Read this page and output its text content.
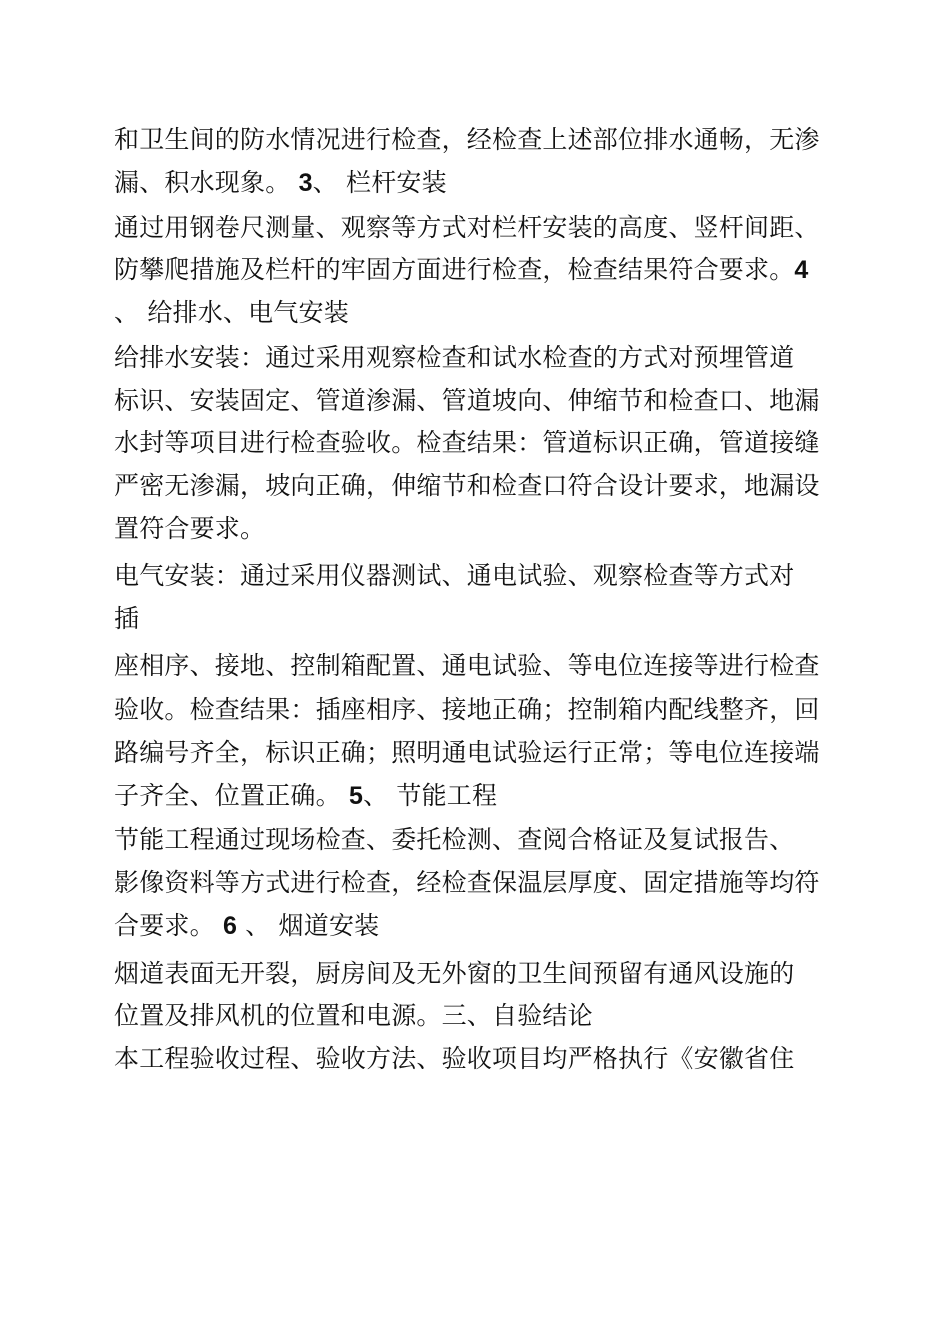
和卫生间的防水情况进行检查，经检查上述部位排水通畅，无渗
漏、积水现象。 3、 栏杆安装
通过用钢卷尺测量、观察等方式对栏杆安装的高度、竖杆间距、
防攀爬措施及栏杆的牢固方面进行检查，检查结果符合要求。4
、 给排水、电气安装
给排水安装：通过采用观察检查和试水检查的方式对预埋管道
标识、安装固定、管道渗漏、管道坡向、伸缩节和检查口、地漏
水封等项目进行检查验收。检查结果：管道标识正确，管道接缝
严密无渗漏，坡向正确，伸缩节和检查口符合设计要求，地漏设
置符合要求。
电气安装：通过采用仪器测试、通电试验、观察检查等方式对
插
座相序、接地、控制箱配置、通电试验、等电位连接等进行检查
验收。检查结果：插座相序、接地正确；控制箱内配线整齐，回
路编号齐全，标识正确；照明通电试验运行正常；等电位连接端
子齐全、位置正确。 5、 节能工程
节能工程通过现场检查、委托检测、查阅合格证及复试报告、
影像资料等方式进行检查，经检查保温层厚度、固定措施等均符
合要求。 6 、 烟道安装
烟道表面无开裂，厨房间及无外窗的卫生间预留有通风设施的
位置及排风机的位置和电源。三、自验结论
本工程验收过程、验收方法、验收项目均严格执行《安徽省住
